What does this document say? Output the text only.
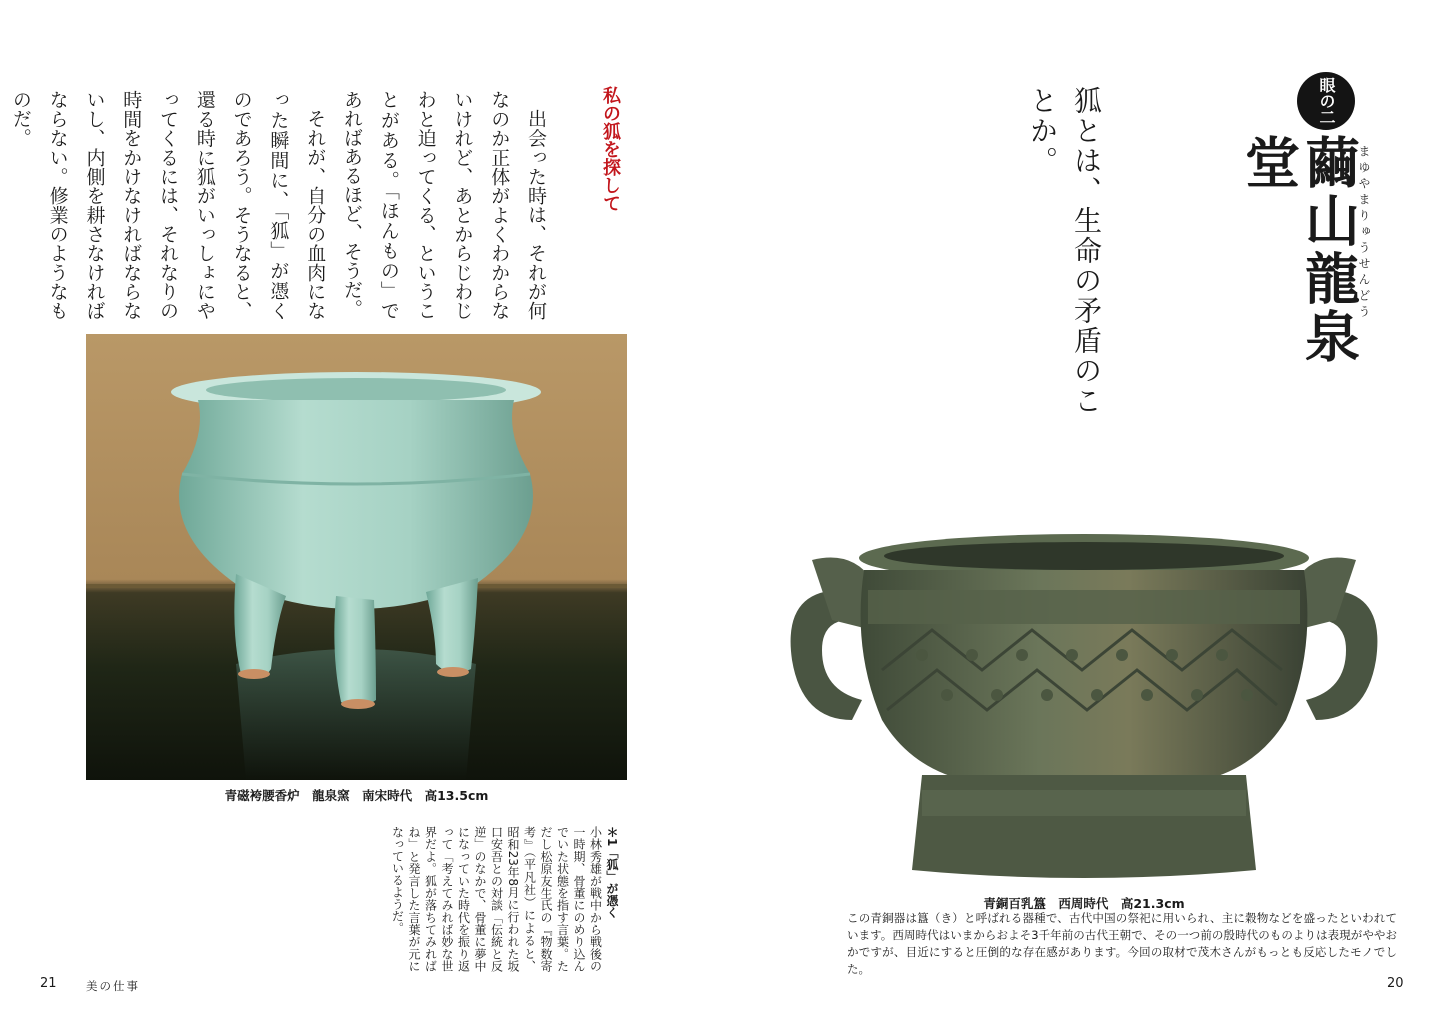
私の狐を探して

出会った時は、それが何なのか正体がよくわからないけれど、あとからじわじわと迫ってくる、ということがある。「ほんもの」であればあるほど、そうだ。

それが、自分の血肉になった瞬間に、「狐」が憑くのであろう。そうなると、還る時に狐がいっしょにやってくるには、それなりの時間をかけなければならないし、内側を耕さなければならない。修業のようなものだ。

青磁袴腰香炉　龍泉窯　南宋時代　高13.5cm
＊1「狐」が憑く
小林秀雄が戦中から戦後の一時期、骨董にのめり込んでいた状態を指す言葉。ただし松原友生氏の『物数寄考』（平凡社）によると、昭和23年8月に行われた坂口安吾との対談「伝統と反逆」のなかで、骨董に夢中になっていた時代を振り返って「考えてみれば妙な世界だよ。狐が落ちてみればね」と発言した言葉が元になっているようだ。
21	美の仕事
眼の二
繭山龍泉堂	まゆやまりゅうせんどう
狐とは、生命の矛盾のことか。
青銅百乳簋　西周時代　高21.3cm
この青銅器は簋（き）と呼ばれる器種で、古代中国の祭祀に用いられ、主に穀物などを盛ったといわれています。西周時代はいまからおよそ3千年前の古代王朝で、その一つ前の殷時代のものよりは表現がややおかですが、目近にすると圧倒的な存在感があります。今回の取材で茂木さんがもっとも反応したモノでした。
20
